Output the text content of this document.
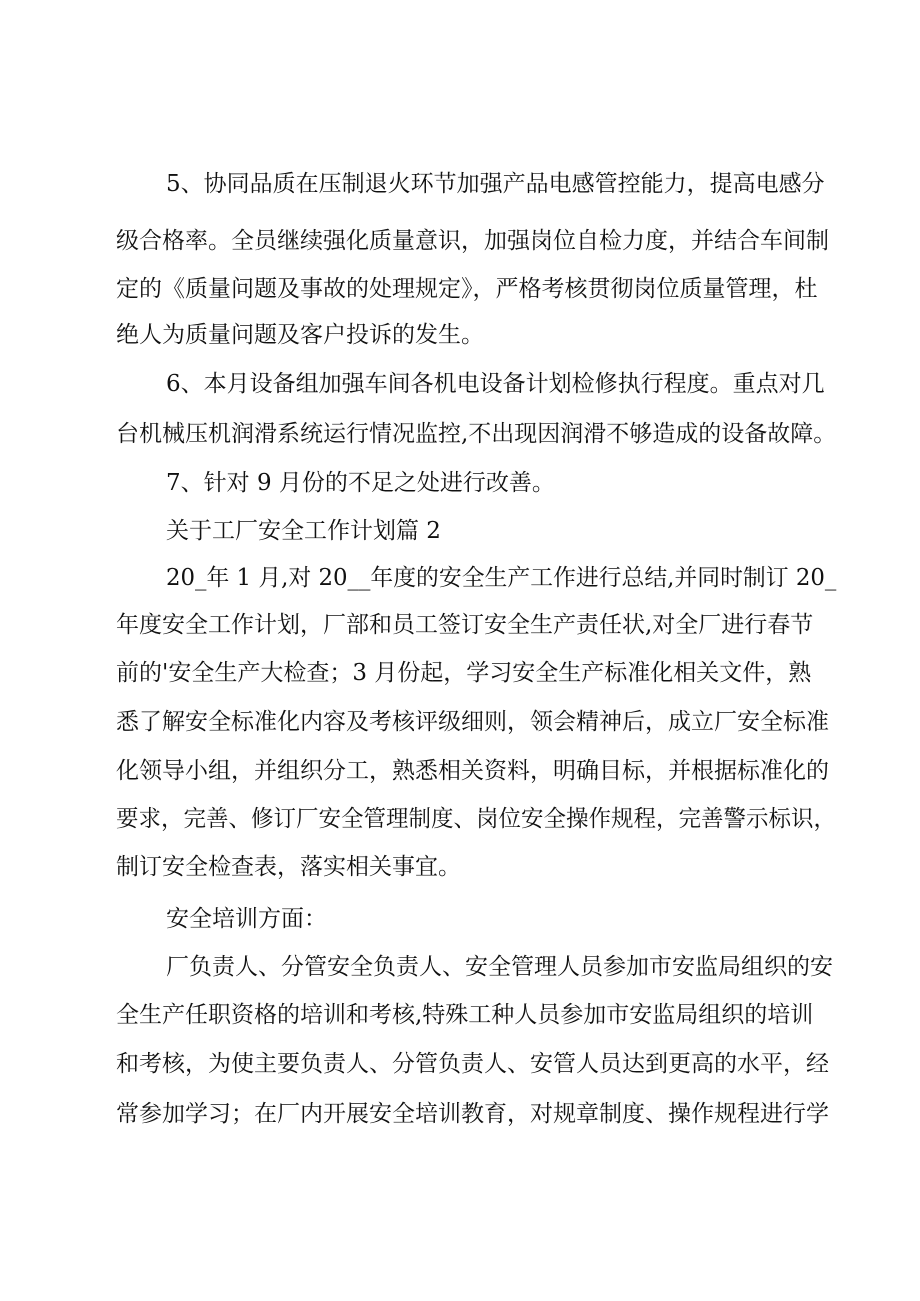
5、协同品质在压制退火环节加强产品电感管控能力，提高电感分

级合格率。全员继续强化质量意识，加强岗位自检力度，并结合车间制

定的《质量问题及事故的处理规定》，严格考核贯彻岗位质量管理，杜

绝人为质量问题及客户投诉的发生。

6、本月设备组加强车间各机电设备计划检修执行程度。重点对几

台机械压机润滑系统运行情况监控,不出现因润滑不够造成的设备故障。

7、针对 9 月份的不足之处进行改善。

关于工厂安全工作计划篇 2

20_年 1 月,对 20__年度的安全生产工作进行总结,并同时制订 20_

年度安全工作计划，厂部和员工签订安全生产责任状,对全厂进行春节

前的'安全生产大检查；3 月份起，学习安全生产标准化相关文件，熟

悉了解安全标准化内容及考核评级细则，领会精神后，成立厂安全标准

化领导小组，并组织分工，熟悉相关资料，明确目标，并根据标准化的

要求，完善、修订厂安全管理制度、岗位安全操作规程，完善警示标识，

制订安全检查表，落实相关事宜。

安全培训方面：

厂负责人、分管安全负责人、安全管理人员参加市安监局组织的安

全生产任职资格的培训和考核,特殊工种人员参加市安监局组织的培训

和考核，为使主要负责人、分管负责人、安管人员达到更高的水平，经

常参加学习；在厂内开展安全培训教育，对规章制度、操作规程进行学
